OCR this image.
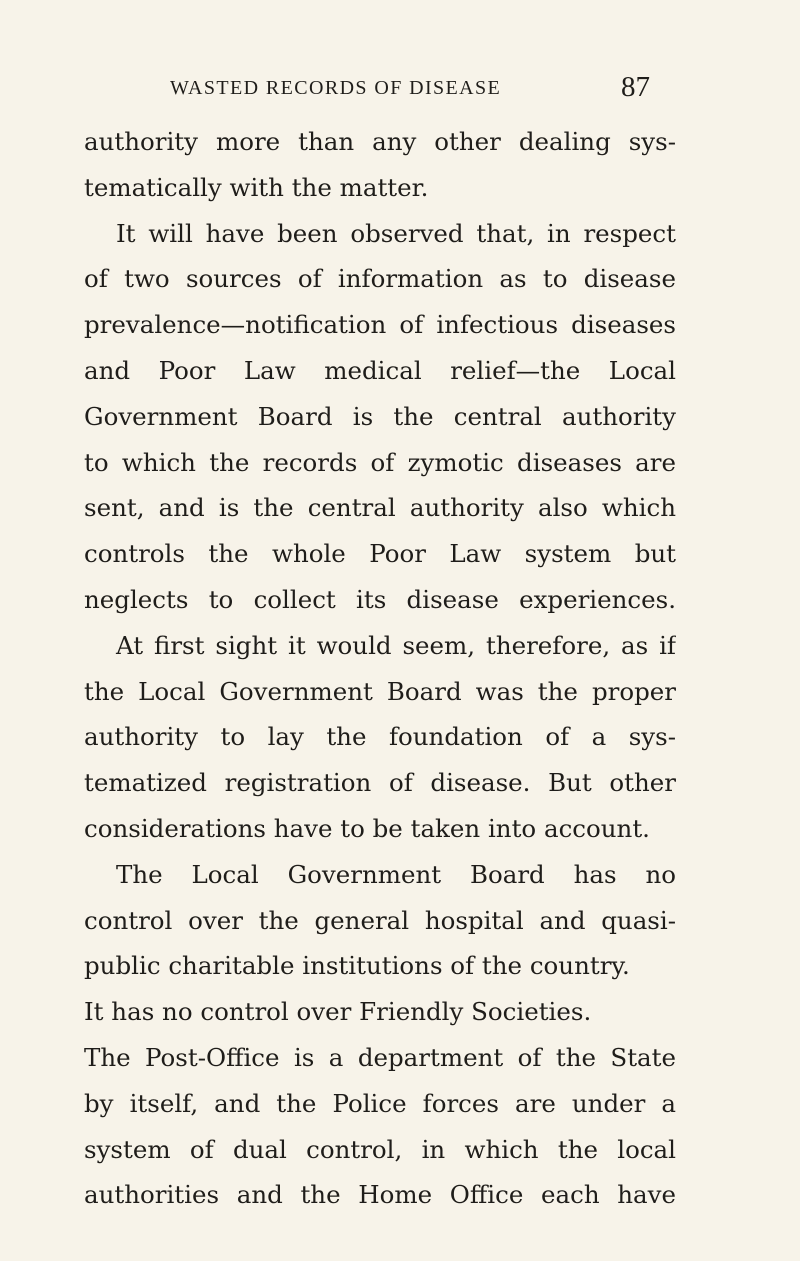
WASTED RECORDS OF DISEASE	87
authority more than any other dealing sys-
tematically with the matter.
It will have been observed that, in respect
of two sources of information as to disease
prevalence—notification of infectious diseases
and Poor Law medical relief—the Local
Government Board is the central authority
to which the records of zymotic diseases are
sent, and is the central authority also which
controls the whole Poor Law system but
neglects to collect its disease experiences.
At first sight it would seem, therefore, as if
the Local Government Board was the proper
authority to lay the foundation of a sys-
tematized registration of disease. But other
considerations have to be taken into account.
The Local Government Board has no
control over the general hospital and quasi-
public charitable institutions of the country.
It has no control over Friendly Societies.
The Post-Office is a department of the State
by itself, and the Police forces are under a
system of dual control, in which the local
authorities and the Home Office each have
